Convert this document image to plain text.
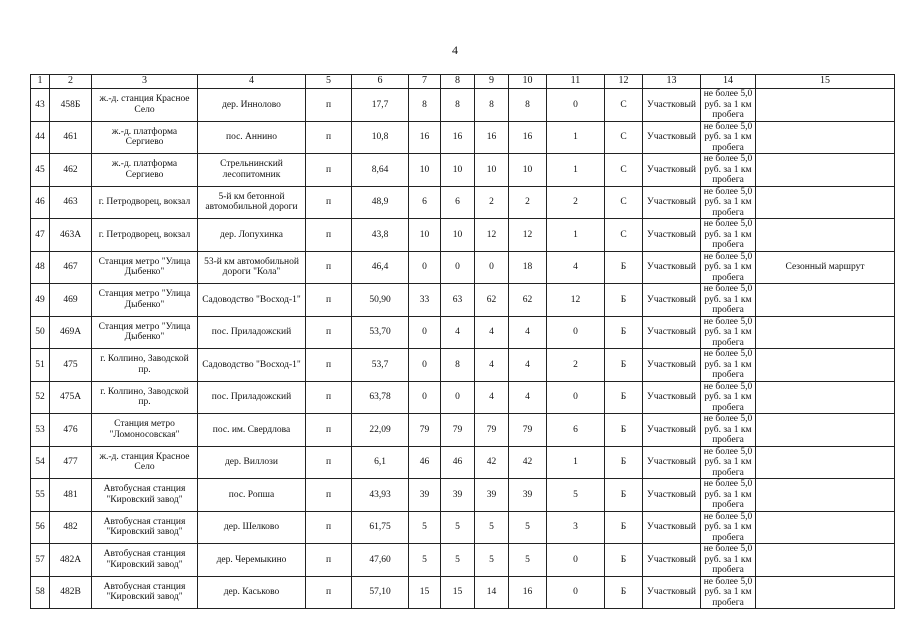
4
1	2	3	4	5	6	7	8	9	10	11	12	13	14	15
43	458Б	ж.-д. станция Красное Село	дер. Иннолово	п	17,7	8	8	8	8	0	С	Участковый	не более 5,0 руб. за 1 км пробега	
44	461	ж.-д. платформа Сергиево	пос. Аннино	п	10,8	16	16	16	16	1	С	Участковый	не более 5,0 руб. за 1 км пробега	
45	462	ж.-д. платформа Сергиево	Стрельнинский лесопитомник	п	8,64	10	10	10	10	1	С	Участковый	не более 5,0 руб. за 1 км пробега	
46	463	г. Петродворец, вокзал	5-й км бетонной автомобильной дороги	п	48,9	6	6	2	2	2	С	Участковый	не более 5,0 руб. за 1 км пробега	
47	463А	г. Петродворец, вокзал	дер. Лопухинка	п	43,8	10	10	12	12	1	С	Участковый	не более 5,0 руб. за 1 км пробега	
48	467	Станция метро "Улица Дыбенко"	53-й км автомобильной дороги "Кола"	п	46,4	0	0	0	18	4	Б	Участковый	не более 5,0 руб. за 1 км пробега	Сезонный маршрут
49	469	Станция метро "Улица Дыбенко"	Садоводство "Восход-1"	п	50,90	33	63	62	62	12	Б	Участковый	не более 5,0 руб. за 1 км пробега	
50	469А	Станция метро "Улица Дыбенко"	пос. Приладожский	п	53,70	0	4	4	4	0	Б	Участковый	не более 5,0 руб. за 1 км пробега	
51	475	г. Колпино, Заводской пр.	Садоводство "Восход-1"	п	53,7	0	8	4	4	2	Б	Участковый	не более 5,0 руб. за 1 км пробега	
52	475А	г. Колпино, Заводской пр.	пос. Приладожский	п	63,78	0	0	4	4	0	Б	Участковый	не более 5,0 руб. за 1 км пробега	
53	476	Станция метро "Ломоносовская"	пос. им. Свердлова	п	22,09	79	79	79	79	6	Б	Участковый	не более 5,0 руб. за 1 км пробега	
54	477	ж.-д. станция Красное Село	дер. Виллози	п	6,1	46	46	42	42	1	Б	Участковый	не более 5,0 руб. за 1 км пробега	
55	481	Автобусная станция "Кировский завод"	пос. Ропша	п	43,93	39	39	39	39	5	Б	Участковый	не более 5,0 руб. за 1 км пробега	
56	482	Автобусная станция "Кировский завод"	дер. Шелково	п	61,75	5	5	5	5	3	Б	Участковый	не более 5,0 руб. за 1 км пробега	
57	482А	Автобусная станция "Кировский завод"	дер. Черемыкино	п	47,60	5	5	5	5	0	Б	Участковый	не более 5,0 руб. за 1 км пробега	
58	482В	Автобусная станция "Кировский завод"	дер. Каськово	п	57,10	15	15	14	16	0	Б	Участковый	не более 5,0 руб. за 1 км пробега	
